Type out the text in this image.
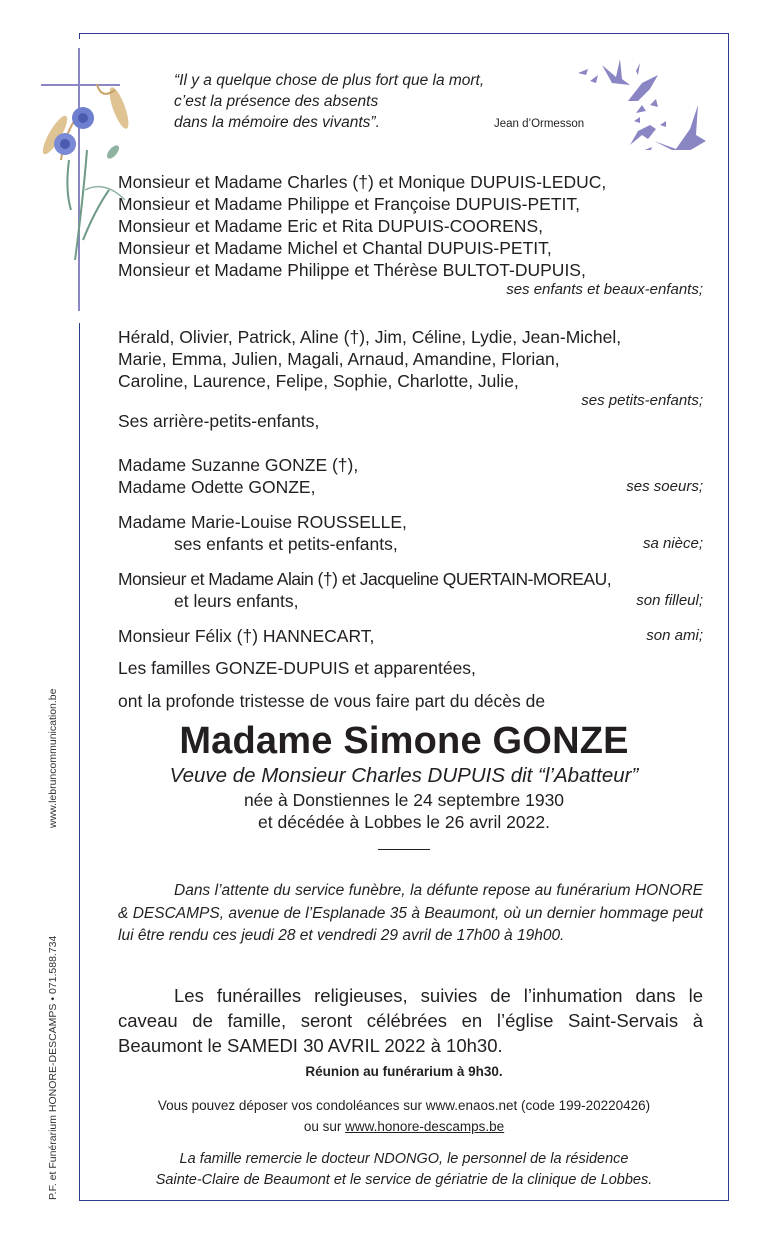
www.lebruncommunication.be
P.F. et Funérarium HONORE-DESCAMPS • 071.588.734
“Il y a quelque chose de plus fort que la mort,
c’est la présence des absents
dans la mémoire des vivants”.	Jean d’Ormesson
Monsieur et Madame Charles (†) et Monique DUPUIS-LEDUC,
Monsieur et Madame Philippe et Françoise DUPUIS-PETIT,
Monsieur et Madame Eric et Rita DUPUIS-COORENS,
Monsieur et Madame Michel et Chantal DUPUIS-PETIT,
Monsieur et Madame Philippe et Thérèse BULTOT-DUPUIS,
ses enfants et beaux-enfants;
Hérald, Olivier, Patrick, Aline (†), Jim, Céline, Lydie, Jean-Michel,
Marie, Emma, Julien, Magali, Arnaud, Amandine, Florian,
Caroline, Laurence, Felipe, Sophie, Charlotte, Julie,
ses petits-enfants;
Ses arrière-petits-enfants,
Madame Suzanne GONZE (†),
Madame Odette GONZE,	ses soeurs;
Madame Marie-Louise ROUSSELLE,
ses enfants et petits-enfants,	sa nièce;
Monsieur et Madame Alain (†) et Jacqueline QUERTAIN-MOREAU,
et leurs enfants,	son filleul;
Monsieur Félix (†) HANNECART,	son ami;
Les familles GONZE-DUPUIS et apparentées,
ont la profonde tristesse de vous faire part du décès de
Madame Simone GONZE
Veuve de Monsieur Charles DUPUIS dit “l’Abatteur”
née à Donstiennes le 24 septembre 1930
et décédée à Lobbes le 26 avril 2022.
Dans l’attente du service funèbre, la défunte repose au funérarium HONORE & DESCAMPS, avenue de l’Esplanade 35 à Beaumont, où un dernier hommage peut lui être rendu ces jeudi 28 et vendredi 29 avril de 17h00 à 19h00.
Les funérailles religieuses, suivies de l’inhumation dans le caveau de famille, seront célébrées en l’église Saint-Servais à Beaumont le SAMEDI 30 AVRIL 2022 à 10h30.
Réunion au funérarium à 9h30.
Vous pouvez déposer vos condoléances sur www.enaos.net (code 199-20220426)
ou sur www.honore-descamps.be
La famille remercie le docteur NDONGO, le personnel de la résidence
Sainte-Claire de Beaumont et le service de gériatrie de la clinique de Lobbes.
